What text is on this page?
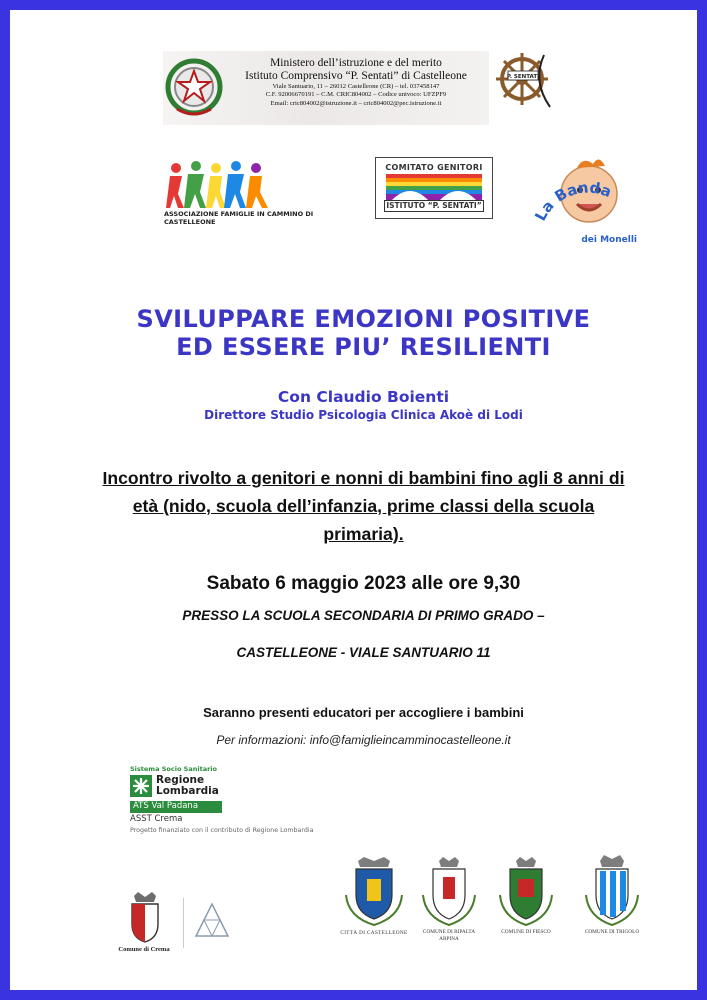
Ministero dell’istruzione e del merito
Istituto Comprensivo “P. Sentati” di Castelleone
Viale Santuario, 11 – 26012 Castelleone (CR) – tel. 037458147
C.F. 92006670191 – C.M. CRIC804002 – Codice univoco: UFZPF9
Email: cric804002@istruzione.it – cric804002@pec.istruzione.it
P. SENTATI
ASSOCIAZIONE FAMIGLIE IN CAMMINO DI CASTELLEONE
COMITATO GENITORI
ISTITUTO “P. SENTATI”
La Banda
dei Monelli
SVILUPPARE EMOZIONI POSITIVE
ED ESSERE PIU’ RESILIENTI
Con Claudio Boienti
Direttore Studio Psicologia Clinica Akoè di Lodi
Incontro rivolto a genitori e nonni di bambini fino agli 8 anni di
età (nido, scuola dell’infanzia, prime classi della scuola
primaria).
Sabato 6 maggio 2023 alle ore 9,30
PRESSO LA SCUOLA SECONDARIA DI PRIMO GRADO –
CASTELLEONE - VIALE SANTUARIO 11
Saranno presenti educatori per accogliere i bambini
Per informazioni: info@famiglieincamminocastelleone.it
Sistema Socio Sanitario
Regione
Lombardia
ATS Val Padana
ASST Crema
Progetto finanziato con il contributo di Regione Lombardia
Comune di Crema
CITTÀ DI CASTELLEONE	COMUNE DI RIPALTA ARPINA
COMUNE DI FIESCO	COMUNE DI TRIGOLO
